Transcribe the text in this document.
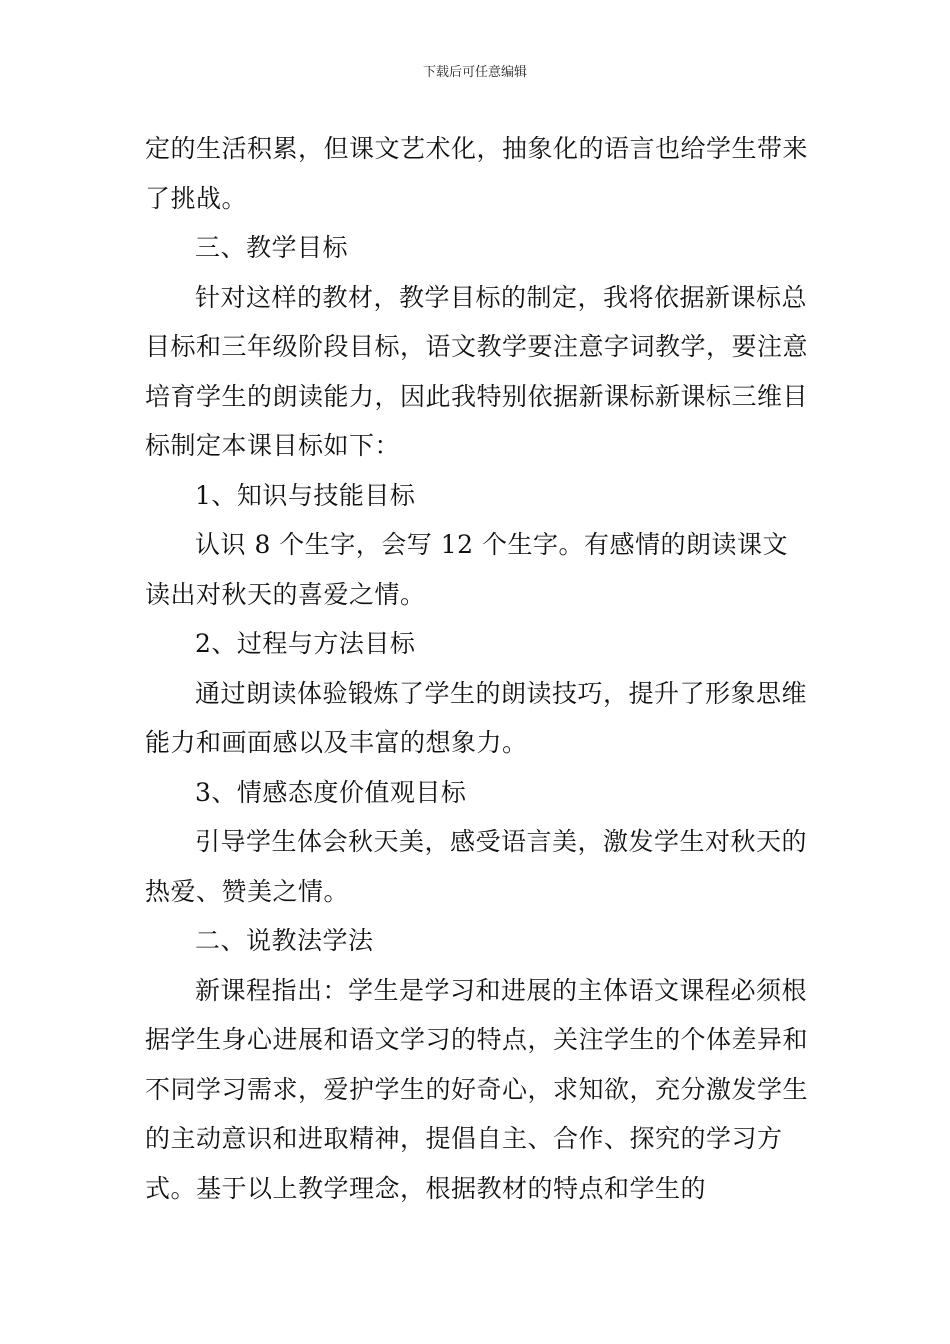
下载后可任意编辑

定的生活积累，但课文艺术化，抽象化的语言也给学生带来了挑战。

三、教学目标

针对这样的教材，教学目标的制定，我将依据新课标总目标和三年级阶段目标，语文教学要注意字词教学，要注意培育学生的朗读能力，因此我特别依据新课标新课标三维目标制定本课目标如下：

1、知识与技能目标

认识 8 个生字，会写 12 个生字。有感情的朗读课文读出对秋天的喜爱之情。

2、过程与方法目标

通过朗读体验锻炼了学生的朗读技巧，提升了形象思维能力和画面感以及丰富的想象力。

3、情感态度价值观目标

引导学生体会秋天美，感受语言美，激发学生对秋天的热爱、赞美之情。

二、说教法学法

新课程指出：学生是学习和进展的主体语文课程必须根据学生身心进展和语文学习的特点，关注学生的个体差异和不同学习需求，爱护学生的好奇心，求知欲，充分激发学生的主动意识和进取精神，提倡自主、合作、探究的学习方式。基于以上教学理念，根据教材的特点和学生的
